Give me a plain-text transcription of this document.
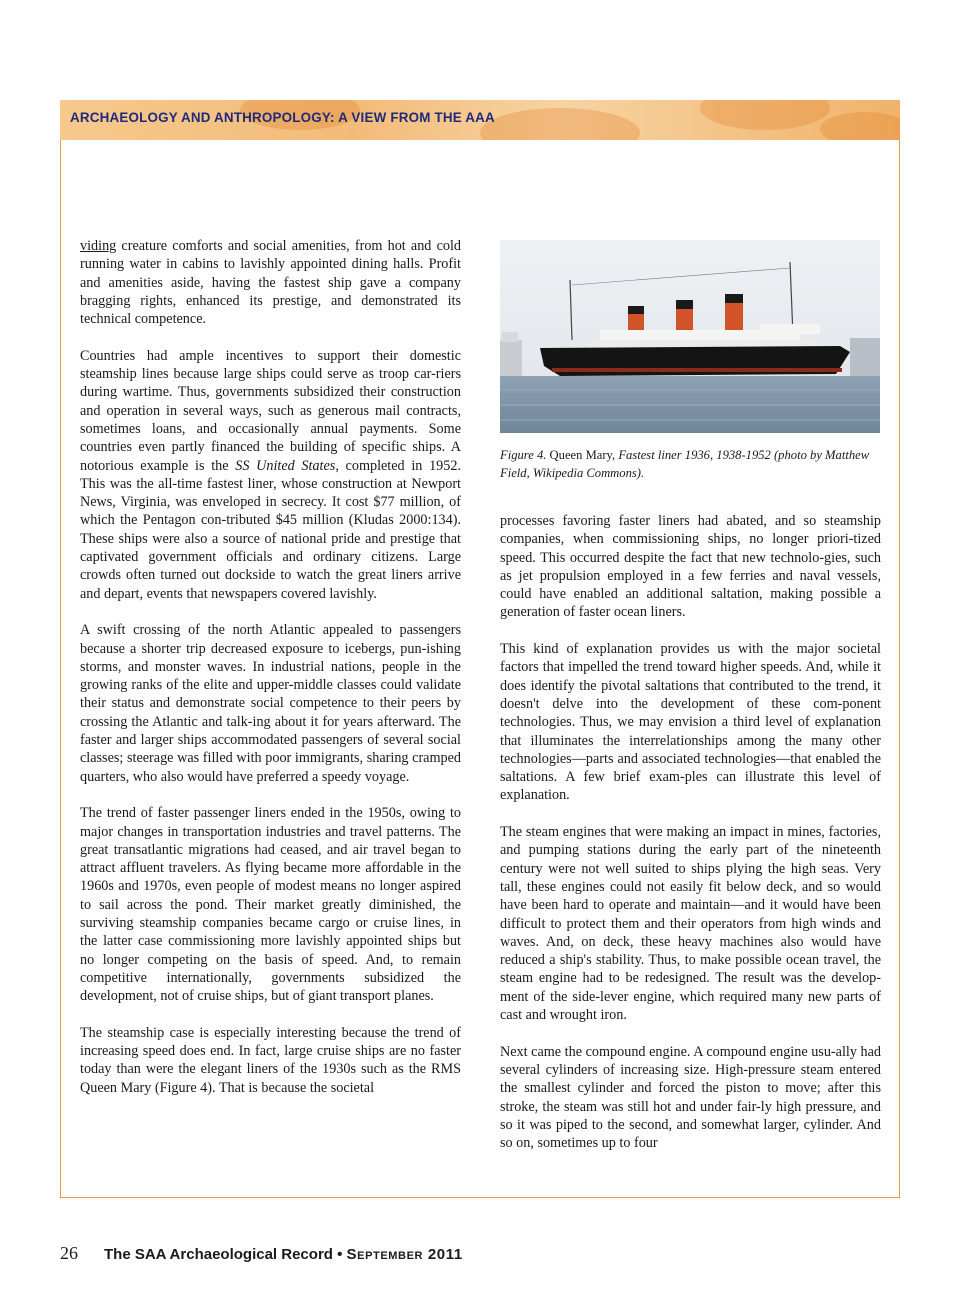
ARCHAEOLOGY AND ANTHROPOLOGY: A VIEW FROM THE AAA

viding creature comforts and social amenities, from hot and cold running water in cabins to lavishly appointed dining halls. Profit and amenities aside, having the fastest ship gave a company bragging rights, enhanced its prestige, and demonstrated its technical competence.

Countries had ample incentives to support their domestic steamship lines because large ships could serve as troop car-riers during wartime. Thus, governments subsidized their construction and operation in several ways, such as generous mail contracts, sometimes loans, and occasionally annual payments. Some countries even partly financed the building of specific ships. A notorious example is the SS United States, completed in 1952. This was the all-time fastest liner, whose construction at Newport News, Virginia, was enveloped in secrecy. It cost $77 million, of which the Pentagon con-tributed $45 million (Kludas 2000:134). These ships were also a source of national pride and prestige that captivated government officials and ordinary citizens. Large crowds often turned out dockside to watch the great liners arrive and depart, events that newspapers covered lavishly.

A swift crossing of the north Atlantic appealed to passengers because a shorter trip decreased exposure to icebergs, pun-ishing storms, and monster waves. In industrial nations, people in the growing ranks of the elite and upper-middle classes could validate their status and demonstrate social competence to their peers by crossing the Atlantic and talk-ing about it for years afterward. The faster and larger ships accommodated passengers of several social classes; steerage was filled with poor immigrants, sharing cramped quarters, who also would have preferred a speedy voyage.

The trend of faster passenger liners ended in the 1950s, owing to major changes in transportation industries and travel patterns. The great transatlantic migrations had ceased, and air travel began to attract affluent travelers. As flying became more affordable in the 1960s and 1970s, even people of modest means no longer aspired to sail across the pond. Their market greatly diminished, the surviving steamship companies became cargo or cruise lines, in the latter case commissioning more lavishly appointed ships but no longer competing on the basis of speed. And, to remain competitive internationally, governments subsidized the development, not of cruise ships, but of giant transport planes.

The steamship case is especially interesting because the trend of increasing speed does end. In fact, large cruise ships are no faster today than were the elegant liners of the 1930s such as the RMS Queen Mary (Figure 4). That is because the societal

Figure 4. Queen Mary, Fastest liner 1936, 1938-1952 (photo by Matthew Field, Wikipedia Commons).

processes favoring faster liners had abated, and so steamship companies, when commissioning ships, no longer priori-tized speed. This occurred despite the fact that new technolo-gies, such as jet propulsion employed in a few ferries and naval vessels, could have enabled an additional saltation, making possible a generation of faster ocean liners.

This kind of explanation provides us with the major societal factors that impelled the trend toward higher speeds. And, while it does identify the pivotal saltations that contributed to the trend, it doesn't delve into the development of these com-ponent technologies. Thus, we may envision a third level of explanation that illuminates the interrelationships among the many other technologies—parts and associated technologies—that enabled the saltations. A few brief exam-ples can illustrate this level of explanation.

The steam engines that were making an impact in mines, factories, and pumping stations during the early part of the nineteenth century were not well suited to ships plying the high seas. Very tall, these engines could not easily fit below deck, and so would have been hard to operate and maintain—and it would have been difficult to protect them and their operators from high winds and waves. And, on deck, these heavy machines also would have reduced a ship's stability. Thus, to make possible ocean travel, the steam engine had to be redesigned. The result was the develop-ment of the side-lever engine, which required many new parts of cast and wrought iron.

Next came the compound engine. A compound engine usu-ally had several cylinders of increasing size. High-pressure steam entered the smallest cylinder and forced the piston to move; after this stroke, the steam was still hot and under fair-ly high pressure, and so it was piped to the second, and somewhat larger, cylinder. And so on, sometimes up to four

26 The SAA Archaeological Record • September 2011
